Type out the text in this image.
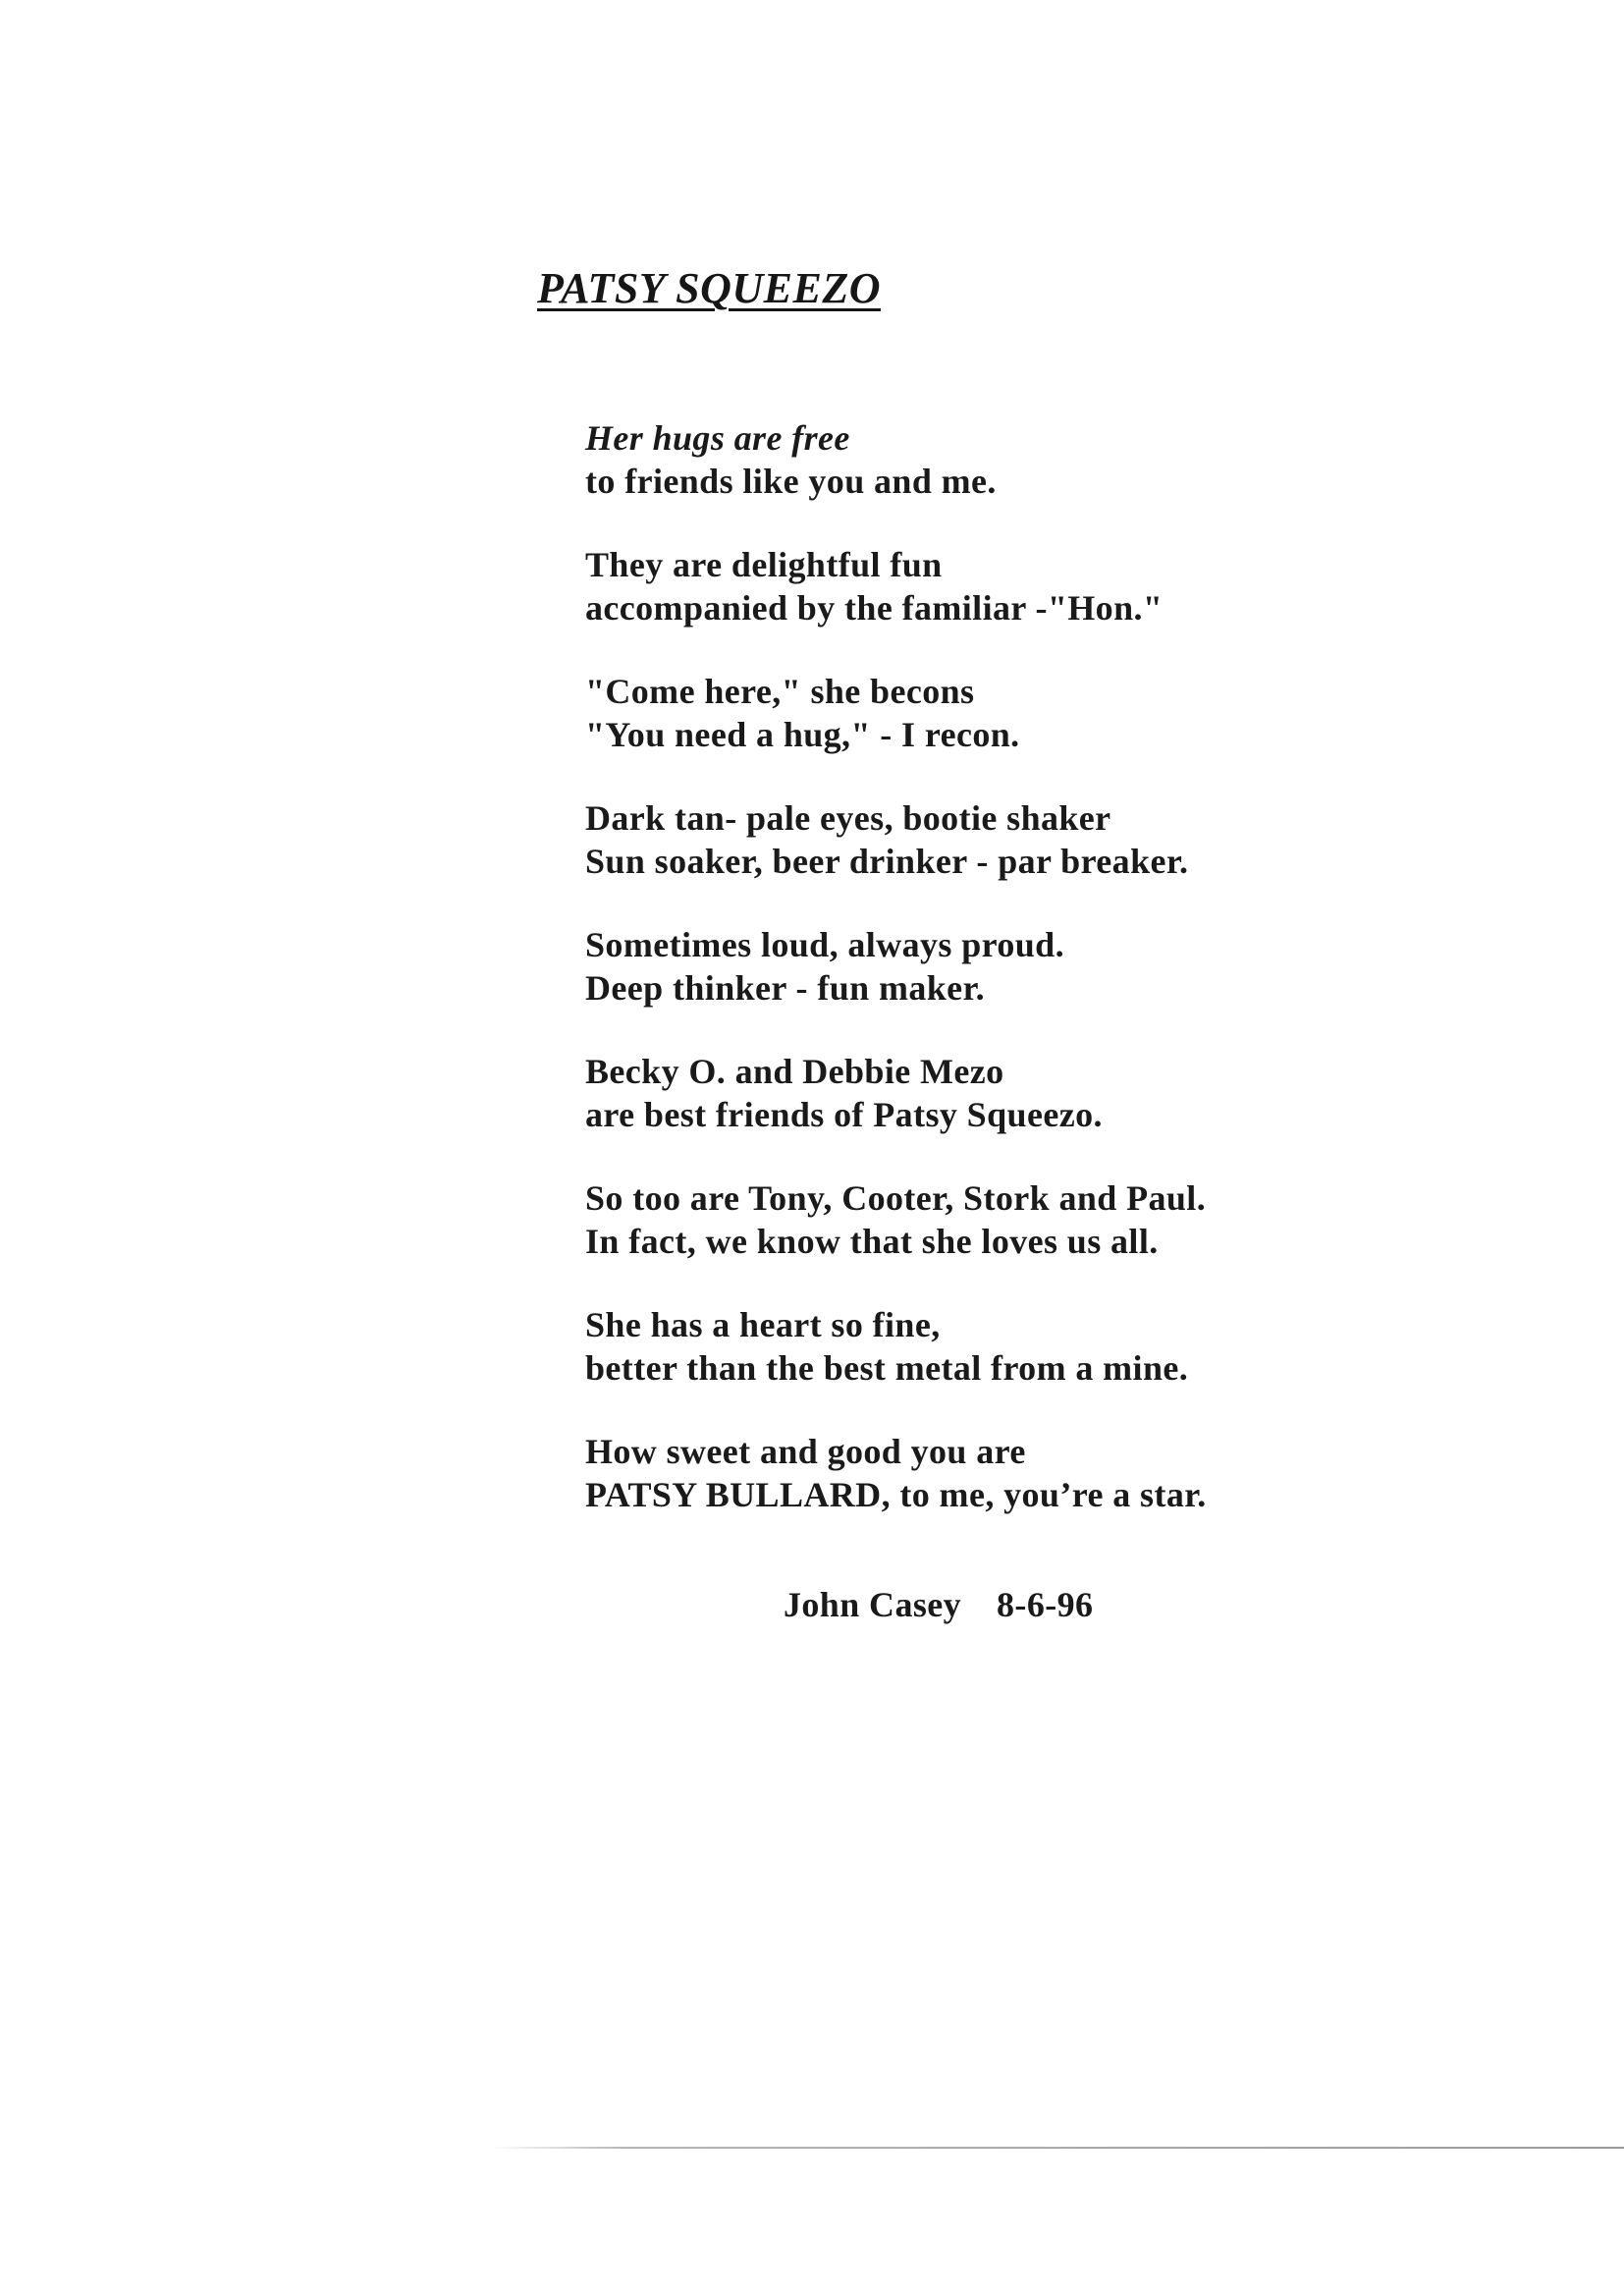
PATSY SQUEEZO

Her hugs are free
to friends like you and me.

They are delightful fun
accompanied by the familiar -"Hon."

"Come here," she becons
"You need a hug," - I recon.

Dark tan- pale eyes, bootie shaker
Sun soaker, beer drinker - par breaker.

Sometimes loud, always proud.
Deep thinker - fun maker.

Becky O. and Debbie Mezo
are best friends of Patsy Squeezo.

So too are Tony, Cooter, Stork and Paul.
In fact, we know that she loves us all.

She has a heart so fine,
better than the best metal from a mine.

How sweet and good you are
PATSY BULLARD, to me, you’re a star.

John Casey 8-6-96
